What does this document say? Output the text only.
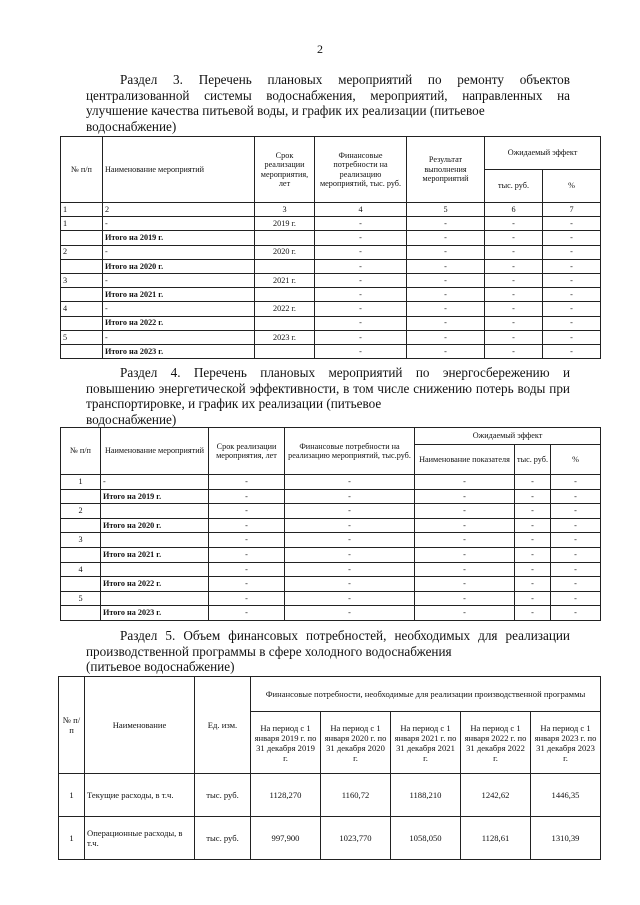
2
Раздел 3. Перечень плановых мероприятий по ремонту объектов централизованной системы водоснабжения, мероприятий, направленных на улучшение качества питьевой воды, и график их реализации (питьевое
водоснабжение)
№ п/п	Наименование мероприятий	Срок реализации мероприятия, лет	Финансовые потребности на реализацию мероприятий, тыс. руб.	Результат выполнения мероприятий	Ожидаемый эффект	
					тыс. руб.	%
1	2	3	4	5	6	7
1	-	2019 г.	-	-	-	-
	Итого на 2019 г.		-	-	-	-
2	-	2020 г.	-	-	-	-
	Итого на 2020 г.		-	-	-	-
3	-	2021 г.	-	-	-	-
	Итого на 2021 г.		-	-	-	-
4	-	2022 г.	-	-	-	-
	Итого на 2022 г.		-	-	-	-
5	-	2023 г.	-	-	-	-
	Итого на 2023 г.		-	-	-	-
Раздел 4. Перечень плановых мероприятий по энергосбережению и повышению энергетической эффективности, в том числе снижению потерь воды при транспортировке, и график их реализации (питьевое
водоснабжение)
№ п/п	Наименование мероприятий	Срок реализации мероприятия, лет	Финансовые потребности на реализацию мероприятий, тыс.руб.	Ожидаемый эффект		
				Наименование показателя	тыс. руб.	%
1	-	-	-	-	-	-
	Итого на 2019 г.	-	-	-	-	-
2		-	-	-	-	-
	Итого на 2020 г.	-	-	-	-	-
3		-	-	-	-	-
	Итого на 2021 г.	-	-	-	-	-
4		-	-	-	-	-
	Итого на 2022 г.	-	-	-	-	-
5		-	-	-	-	-
	Итого на 2023 г.	-	-	-	-	-
Раздел 5. Объем финансовых потребностей, необходимых для реализации производственной программы в сфере холодного водоснабжения
(питьевое водоснабжение)
№ п/п	Наименование	Ед. изм.	Финансовые потребности, необходимые для реализации производственной программы				
			На период с 1 января 2019 г. по 31 декабря 2019 г.	На период с 1 января 2020 г. по 31 декабря 2020 г.	На период с 1 января 2021 г. по 31 декабря 2021 г.	На период с 1 января 2022 г. по 31 декабря 2022 г.	На период с 1 января 2023 г. по 31 декабря 2023 г.
1	Текущие расходы, в т.ч.	тыс. руб.	1128,270	1160,72	1188,210	1242,62	1446,35
1	Операционные расходы, в т.ч.	тыс. руб.	997,900	1023,770	1058,050	1128,61	1310,39
